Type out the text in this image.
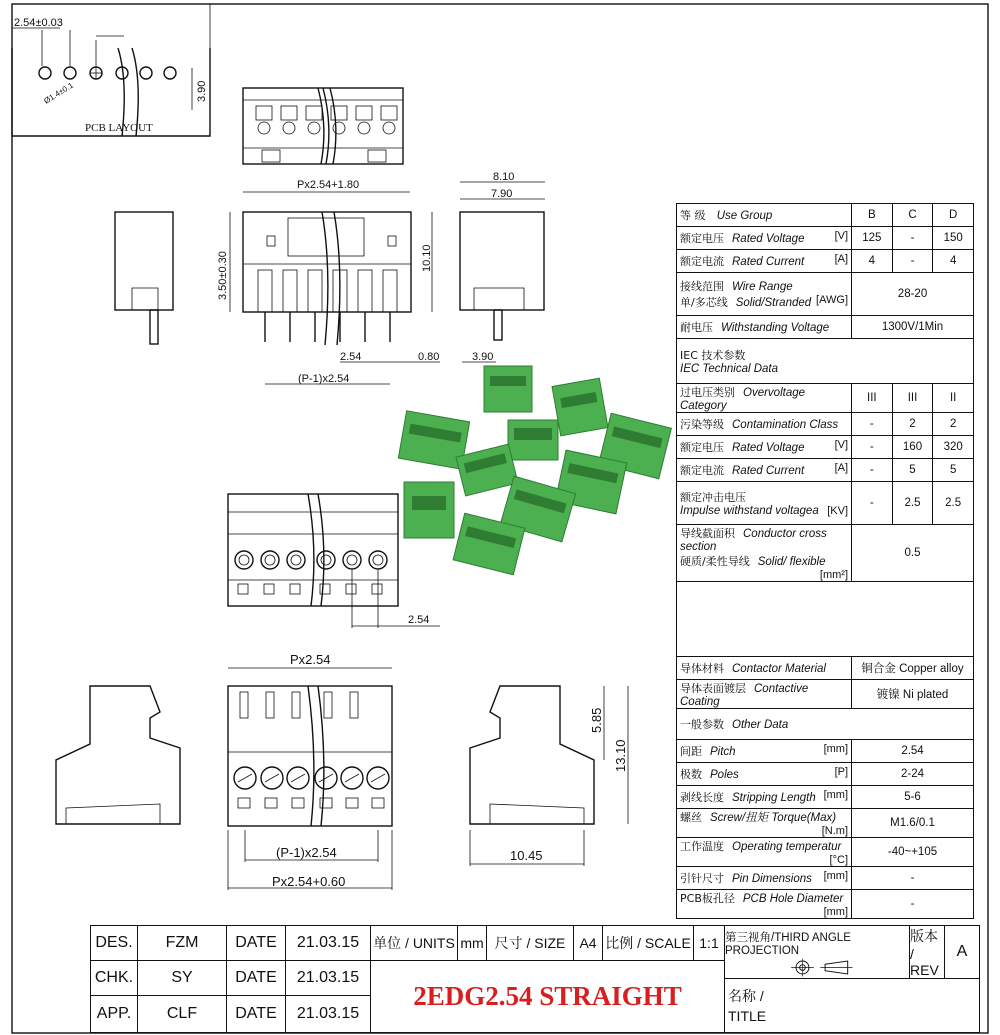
2.54±0.03
Ø1.4±0.1	3.90
PCB LAYOUT
Px2.54+1.80
3.50±0.30	10.10
2.54	0.80
(P-1)x2.54
8.10
7.90
3.90
2.54
Px2.54
(P-1)x2.54
Px2.54+0.60
5.85
13.10
10.45
等 级 Use Group	B	C	D
额定电压 Rated Voltage [V]	125	-	150
额定电流 Rated Current [A]	4	-	4
接线范围 Wire Range
单/多芯线 Solid/Stranded [AWG]	28-20		
耐电压 Withstanding Voltage	1300V/1Min		
IEC 技术参数
IEC Technical Data			
过电压类别 Overvoltage Category	III	III	II
污染等级 Contamination Class	-	2	2
额定电压 Rated Voltage [V]	-	160	320
额定电流 Rated Current [A]	-	5	5
额定冲击电压
Impulse withstand voltagea [KV]	-	2.5	2.5
导线截面积 Conductor cross section
硬质/柔性导线 Solid/ flexible
[mm²]	0.5		

导体材料 Contactor Material	铜合金 Copper alloy		
导体表面镀层 Contactive Coating	镀镍 Ni plated		
一般参数 Other Data			
间距 Pitch [mm]	2.54		
极数 Poles [P]	2-24		
剥线长度 Stripping Length [mm]	5-6		
螺丝 Screw/扭矩 Torque(Max)
[N.m]	M1.6/0.1		
工作温度 Operating temperatur
[°C]	-40~+105		
引针尺寸 Pin Dimensions [mm]	-		
PCB板孔径 PCB Hole Diameter
[mm]	-		
DES.	FZM	DATE	21.03.15	单位 / UNITS mm 尺寸 / SIZE	A4 比例 / SCALE 1:1
CHK.	SY	DATE	21.03.15
APP.	CLF	DATE	21.03.15
2EDG2.54 STRAIGHT
第三视角/THIRD ANGLE PROJECTION
版本 / REV
A
名称 / TITLE
